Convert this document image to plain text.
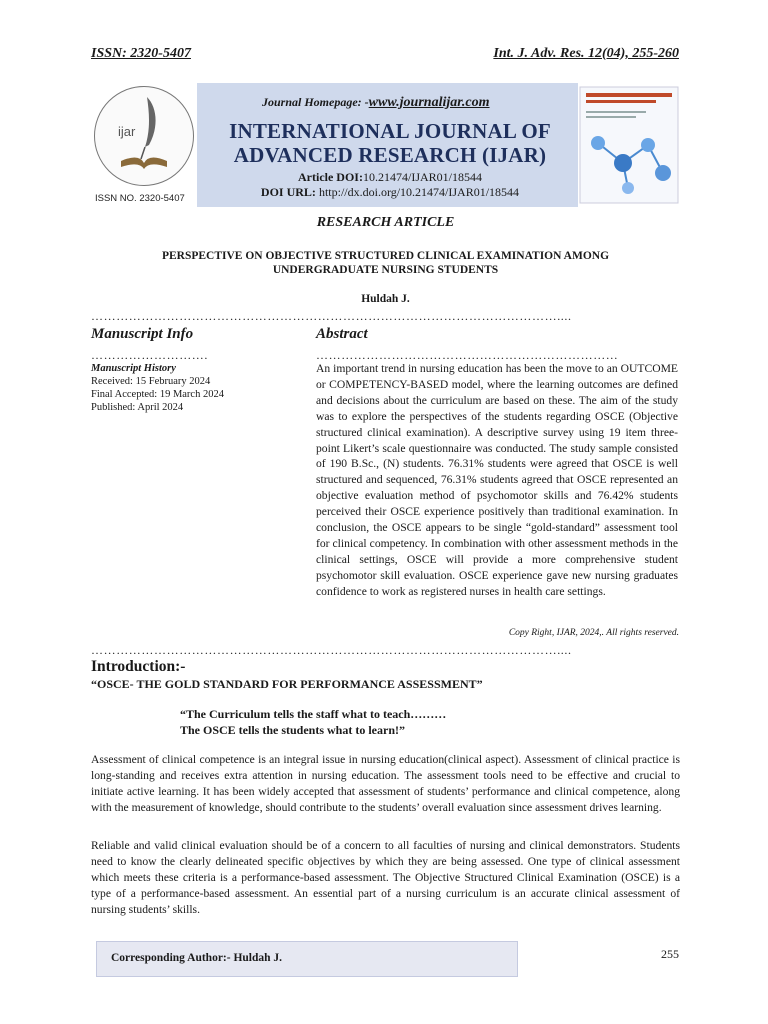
ISSN: 2320-5407	Int. J. Adv. Res. 12(04), 255-260
ijar
ISSN NO. 2320-5407
Journal Homepage: -www.journalijar.com
INTERNATIONAL JOURNAL OF
ADVANCED RESEARCH (IJAR)
Article DOI:10.21474/IJAR01/18544
DOI URL: http://dx.doi.org/10.21474/IJAR01/18544
RESEARCH ARTICLE
PERSPECTIVE ON OBJECTIVE STRUCTURED CLINICAL EXAMINATION AMONG
UNDERGRADUATE NURSING STUDENTS
Huldah J.
…………………………………………………………………………………………………....
Manuscript Info
……………………….
Manuscript History
Received: 15 February 2024
Final Accepted: 19 March 2024
Published: April 2024
Abstract
………………………………………………………………
An important trend in nursing education has been the move to an OUTCOME or COMPETENCY-BASED model, where the learning outcomes are defined and decisions about the curriculum are based on these. The aim of the study was to explore the perspectives of the students regarding OSCE (Objective structured clinical examination). A descriptive survey using 19 item three-point Likert’s scale questionnaire was conducted. The study sample consisted of 190 B.Sc., (N) students. 76.31% students were agreed that OSCE is well structured and sequenced, 76.31% students agreed that OSCE represented an objective evaluation method of psychomotor skills and 76.42% students perceived their OSCE experience positively than traditional examination. In conclusion, the OSCE appears to be single “gold-standard” assessment tool for clinical competency. In combination with other assessment methods in the clinical settings, OSCE will provide a more comprehensive student psychomotor skill evaluation. OSCE experience gave new nursing graduates confidence to work as registered nurses in health care settings.
Copy Right, IJAR, 2024,. All rights reserved.
…………………………………………………………………………………………………....
Introduction:-
“OSCE- THE GOLD STANDARD FOR PERFORMANCE ASSESSMENT”
“The Curriculum tells the staff what to teach………
The OSCE tells the students what to learn!”
Assessment of clinical competence is an integral issue in nursing education(clinical aspect). Assessment of clinical practice is long-standing and receives extra attention in nursing education. The assessment tools need to be effective and crucial to initiate active learning. It has been widely accepted that assessment of students’ performance and clinical competence, along with the measurement of knowledge, should contribute to the students’ overall evaluation since assessment drives learning.
Reliable and valid clinical evaluation should be of a concern to all faculties of nursing and clinical demonstrators. Students need to know the clearly delineated specific objectives by which they are being assessed. One type of clinical assessment which meets these criteria is a performance-based assessment. The Objective Structured Clinical Examination (OSCE) is a type of a performance-based assessment. An essential part of a nursing curriculum is an accurate clinical assessment of nursing students’ skills.
Corresponding Author:- Huldah J.	255
